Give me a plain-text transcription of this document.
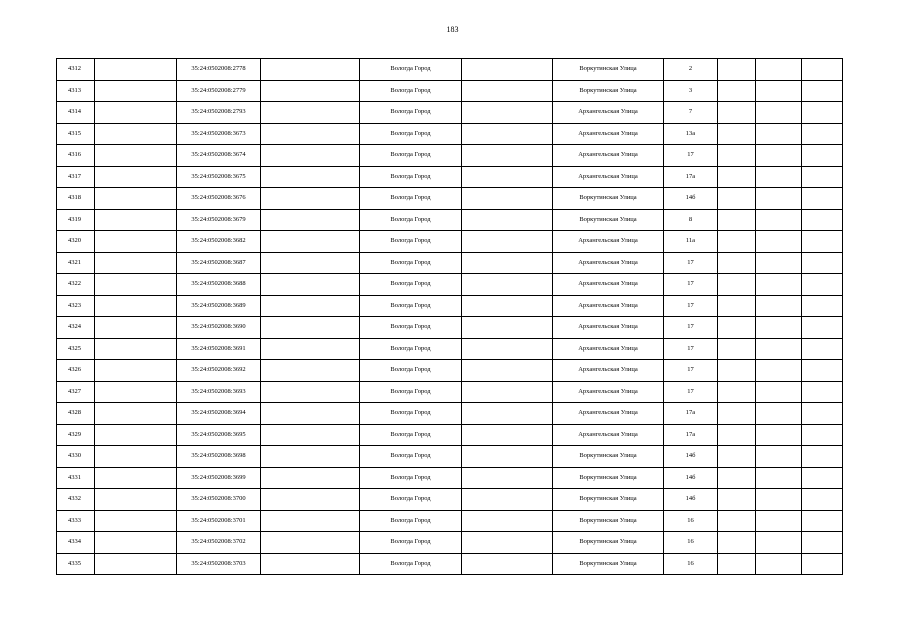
183
4312		35:24:0502008:2778		Вологда Город		Воркутинская Улица	2			
4313		35:24:0502008:2779		Вологда Город		Воркутинская Улица	3			
4314		35:24:0502008:2793		Вологда Город		Архангельская Улица	7			
4315		35:24:0502008:3673		Вологда Город		Архангельская Улица	13а			
4316		35:24:0502008:3674		Вологда Город		Архангельская Улица	17			
4317		35:24:0502008:3675		Вологда Город		Архангельская Улица	17а			
4318		35:24:0502008:3676		Вологда Город		Воркутинская Улица	14б			
4319		35:24:0502008:3679		Вологда Город		Воркутинская Улица	8			
4320		35:24:0502008:3682		Вологда Город		Архангельская Улица	11а			
4321		35:24:0502008:3687		Вологда Город		Архангельская Улица	17			
4322		35:24:0502008:3688		Вологда Город		Архангельская Улица	17			
4323		35:24:0502008:3689		Вологда Город		Архангельская Улица	17			
4324		35:24:0502008:3690		Вологда Город		Архангельская Улица	17			
4325		35:24:0502008:3691		Вологда Город		Архангельская Улица	17			
4326		35:24:0502008:3692		Вологда Город		Архангельская Улица	17			
4327		35:24:0502008:3693		Вологда Город		Архангельская Улица	17			
4328		35:24:0502008:3694		Вологда Город		Архангельская Улица	17а			
4329		35:24:0502008:3695		Вологда Город		Архангельская Улица	17а			
4330		35:24:0502008:3698		Вологда Город		Воркутинская Улица	14б			
4331		35:24:0502008:3699		Вологда Город		Воркутинская Улица	14б			
4332		35:24:0502008:3700		Вологда Город		Воркутинская Улица	14б			
4333		35:24:0502008:3701		Вологда Город		Воркутинская Улица	16			
4334		35:24:0502008:3702		Вологда Город		Воркутинская Улица	16			
4335		35:24:0502008:3703		Вологда Город		Воркутинская Улица	16			
